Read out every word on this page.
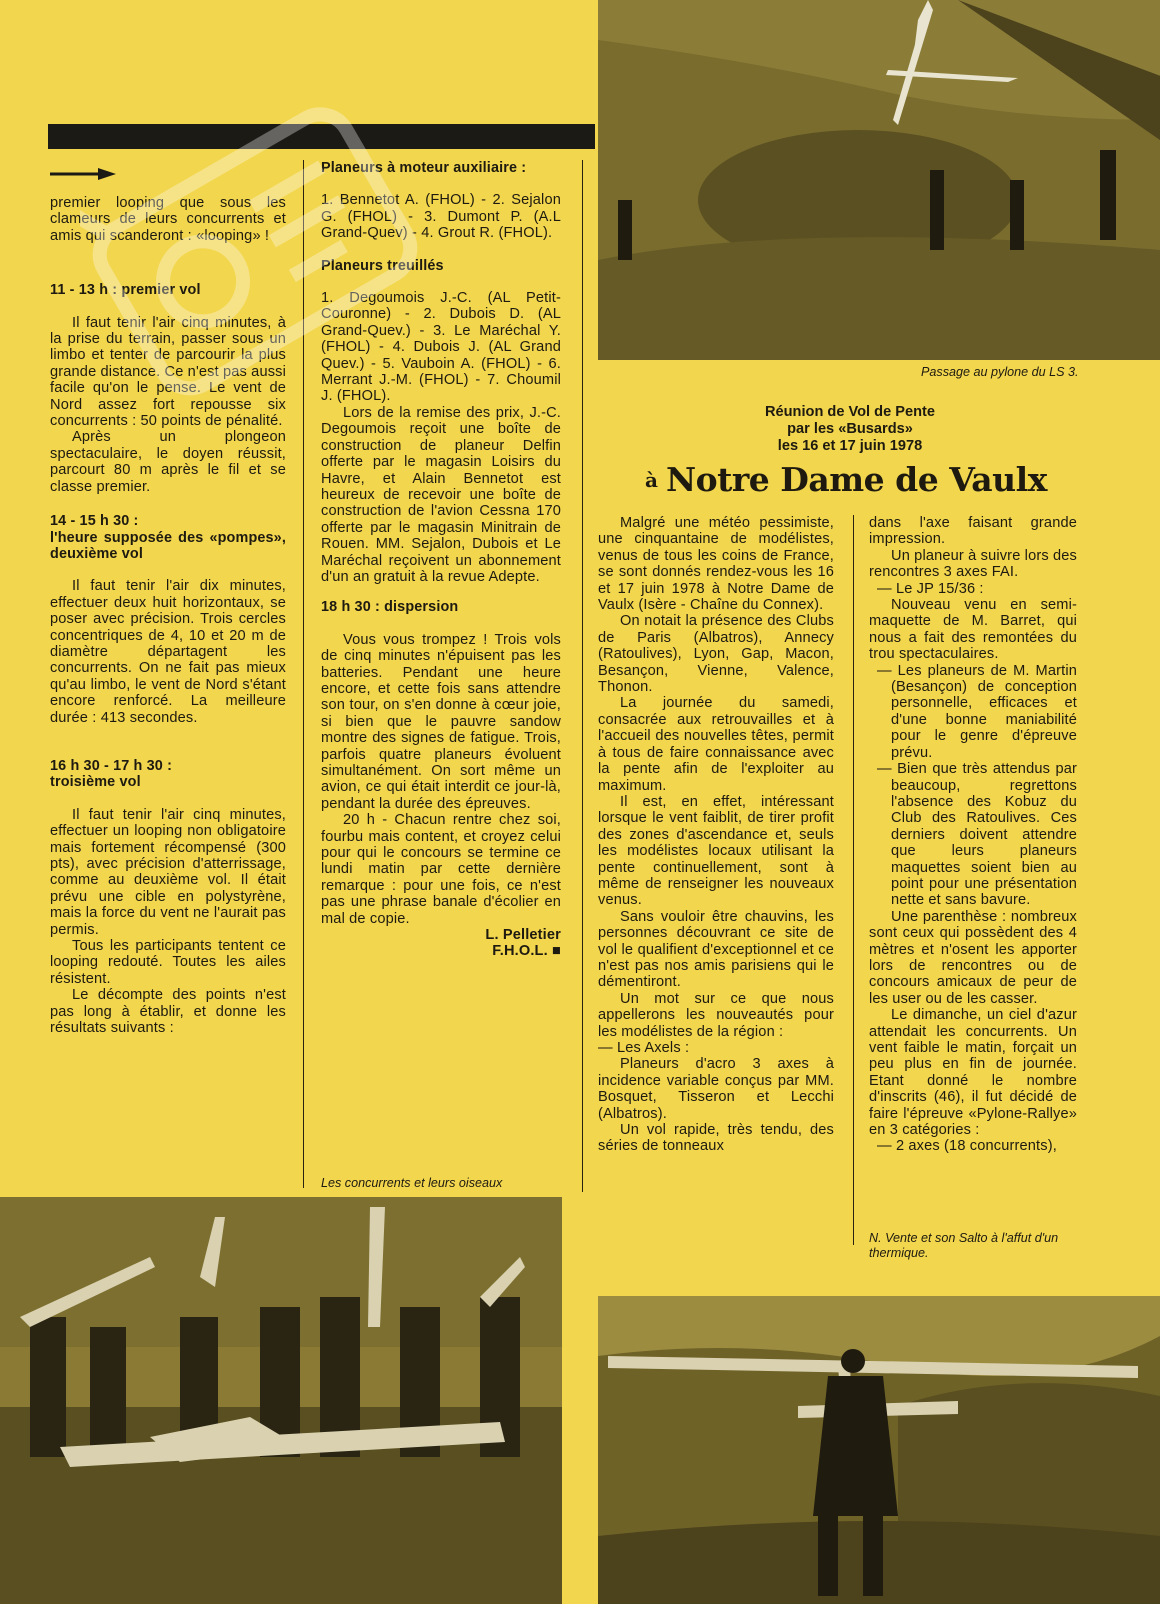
Passage au pylone du LS 3.

premier looping que sous les clameurs de leurs concurrents et amis qui scanderont : «looping» !

11 - 13 h : premier vol

Il faut tenir l'air cinq minutes, à la prise du terrain, passer sous un limbo et tenter de parcourir la plus grande distance. Ce n'est pas aussi facile qu'on le pense. Le vent de Nord assez fort repousse six concurrents : 50 points de pénalité.

Après un plongeon spectaculaire, le doyen réussit, parcourt 80 m après le fil et se classe premier.

14 - 15 h 30 :
l'heure supposée des «pompes», deuxième vol

Il faut tenir l'air dix minutes, effectuer deux huit horizontaux, se poser avec précision. Trois cercles concentriques de 4, 10 et 20 m de diamètre départagent les concurrents. On ne fait pas mieux qu'au limbo, le vent de Nord s'étant encore renforcé. La meilleure durée : 413 secondes.

16 h 30 - 17 h 30 :
troisième vol

Il faut tenir l'air cinq minutes, effectuer un looping non obligatoire mais fortement récompensé (300 pts), avec précision d'atterrissage, comme au deuxième vol. Il était prévu une cible en polystyrène, mais la force du vent ne l'aurait pas permis.

Tous les participants tentent ce looping redouté. Toutes les ailes résistent.

Le décompte des points n'est pas long à établir, et donne les résultats suivants :

Planeurs à moteur auxiliaire :

1. Bennetot A. (FHOL) - 2. Sejalon G. (FHOL) - 3. Dumont P. (A.L Grand-Quev) - 4. Grout R. (FHOL).

Planeurs treuillés

1. Degoumois J.-C. (AL Petit-Couronne) - 2. Dubois D. (AL Grand-Quev.) - 3. Le Maréchal Y. (FHOL) - 4. Dubois J. (AL Grand Quev.) - 5. Vauboin A. (FHOL) - 6. Merrant J.-M. (FHOL) - 7. Choumil J. (FHOL).

Lors de la remise des prix, J.-C. Degoumois reçoit une boîte de construction de planeur Delfin offerte par le magasin Loisirs du Havre, et Alain Bennetot est heureux de recevoir une boîte de construction de l'avion Cessna 170 offerte par le magasin Minitrain de Rouen. MM. Sejalon, Dubois et Le Maréchal reçoivent un abonnement d'un an gratuit à la revue Adepte.

18 h 30 : dispersion

Vous vous trompez ! Trois vols de cinq minutes n'épuisent pas les batteries. Pendant une heure encore, et cette fois sans attendre son tour, on s'en donne à cœur joie, si bien que le pauvre sandow montre des signes de fatigue. Trois, parfois quatre planeurs évoluent simultanément. On sort même un avion, ce qui était interdit ce jour-là, pendant la durée des épreuves.

20 h - Chacun rentre chez soi, fourbu mais content, et croyez celui pour qui le concours se termine ce lundi matin par cette dernière remarque : pour une fois, ce n'est pas une phrase banale d'écolier en mal de copie.

L. Pelletier
F.H.O.L. ■
Les concurrents et leurs oiseaux
Réunion de Vol de Pente
par les «Busards»
les 16 et 17 juin 1978
à Notre Dame de Vaulx

Malgré une météo pessimiste, une cinquantaine de modélistes, venus de tous les coins de France, se sont donnés rendez-vous les 16 et 17 juin 1978 à Notre Dame de Vaulx (Isère - Chaîne du Connex).

On notait la présence des Clubs de Paris (Albatros), Annecy (Ratoulives), Lyon, Gap, Macon, Besançon, Vienne, Valence, Thonon.

La journée du samedi, consacrée aux retrouvailles et à l'accueil des nouvelles têtes, permit à tous de faire connaissance avec la pente afin de l'exploiter au maximum.

Il est, en effet, intéressant lorsque le vent faiblit, de tirer profit des zones d'ascendance et, seuls les modélistes locaux utilisant la pente continuellement, sont à même de renseigner les nouveaux venus.

Sans vouloir être chauvins, les personnes découvrant ce site de vol le qualifient d'exceptionnel et ce n'est pas nos amis parisiens qui le démentiront.

Un mot sur ce que nous appellerons les nouveautés pour les modélistes de la région :

— Les Axels :

Planeurs d'acro 3 axes à incidence variable conçus par MM. Bosquet, Tisseron et Lecchi (Albatros).

Un vol rapide, très tendu, des séries de tonneaux

dans l'axe faisant grande impression.

Un planeur à suivre lors des rencontres 3 axes FAI.

— Le JP 15/36 :

Nouveau venu en semi-maquette de M. Barret, qui nous a fait des remontées du trou spectaculaires.

— Les planeurs de M. Martin (Besançon) de conception personnelle, efficaces et d'une bonne maniabilité pour le genre d'épreuve prévu.
— Bien que très attendus par beaucoup, regrettons l'absence des Kobuz du Club des Ratoulives. Ces derniers doivent attendre que leurs planeurs maquettes soient bien au point pour une présentation nette et sans bavure.

Une parenthèse : nombreux sont ceux qui possèdent des 4 mètres et n'osent les apporter lors de rencontres ou de concours amicaux de peur de les user ou de les casser.

Le dimanche, un ciel d'azur attendait les concurrents. Un vent faible le matin, forçait un peu plus en fin de journée. Etant donné le nombre d'inscrits (46), il fut décidé de faire l'épreuve «Pylone-Rallye» en 3 catégories :

— 2 axes (18 concurrents),

N. Vente et son Salto à l'affut d'un thermique.
